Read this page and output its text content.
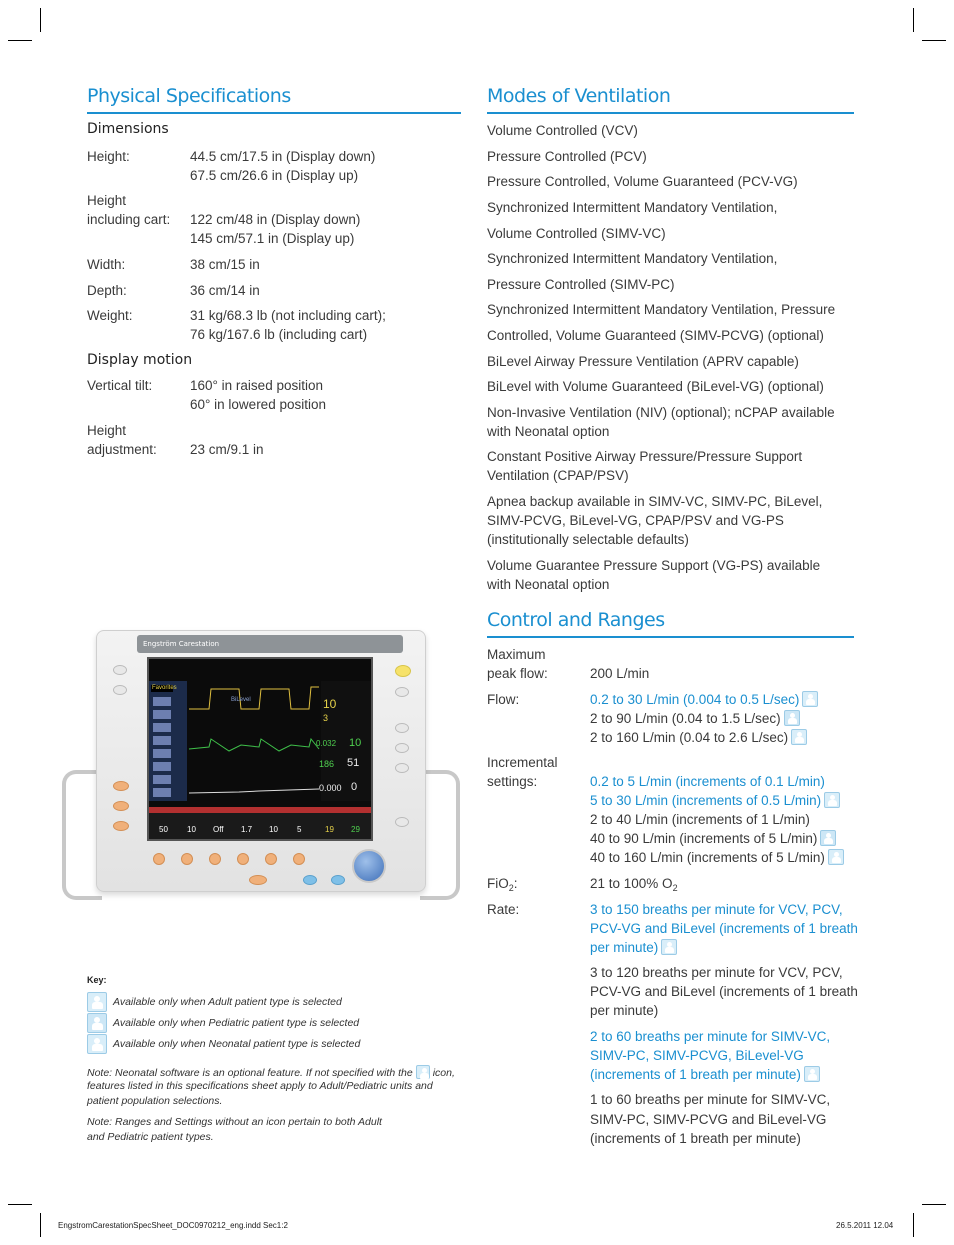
Physical Specifications
Dimensions
Height:	44.5 cm/17.5 in (Display down)
67.5 cm/26.6 in (Display up)
Height
including cart: 122 cm/48 in (Display down)
145 cm/57.1 in (Display up)
Width:	38 cm/15 in
Depth:	36 cm/14 in
Weight:	31 kg/68.3 lb (not including cart);
76 kg/167.6 lb (including cart)
Display motion
Vertical tilt:	160° in raised position
60° in lowered position
Height
adjustment: 23 cm/9.1 in
Modes of Ventilation
Volume Controlled (VCV)
Pressure Controlled (PCV)
Pressure Controlled, Volume Guaranteed (PCV-VG)
Synchronized Intermittent Mandatory Ventilation,
Volume Controlled (SIMV-VC)
Synchronized Intermittent Mandatory Ventilation,
Pressure Controlled (SIMV-PC)
Synchronized Intermittent Mandatory Ventilation, Pressure
Controlled, Volume Guaranteed (SIMV-PCVG) (optional)
BiLevel Airway Pressure Ventilation (APRV capable)
BiLevel with Volume Guaranteed (BiLevel-VG) (optional)
Non-Invasive Ventilation (NIV) (optional); nCPAP available
with Neonatal option
Constant Positive Airway Pressure/Pressure Support
Ventilation (CPAP/PSV)
Apnea backup available in SIMV-VC, SIMV-PC, BiLevel,
SIMV-PCVG, BiLevel-VG, CPAP/PSV and VG-PS
(institutionally selectable defaults)
Volume Guarantee Pressure Support (VG-PS) available
with Neonatal option
Control and Ranges
Maximum
peak flow:	200 L/min
Flow:	0.2 to 30 L/min (0.004 to 0.5 L/sec)
2 to 90 L/min (0.04 to 1.5 L/sec)
2 to 160 L/min (0.04 to 2.6 L/sec)
Incremental
settings:	0.2 to 5 L/min (increments of 0.1 L/min)
5 to 30 L/min (increments of 0.5 L/min)
2 to 40 L/min (increments of 1 L/min)
40 to 90 L/min (increments of 5 L/min)
40 to 160 L/min (increments of 5 L/min)
FiO$_2$:	21 to 100% $O_2$
Rate:	3 to 150 breaths per minute for VCV, PCV,
PCV-VG and BiLevel (increments of 1 breath
per minute)
3 to 120 breaths per minute for VCV, PCV,
PCV-VG and BiLevel (increments of 1 breath
per minute)
2 to 60 breaths per minute for SIMV-VC,
SIMV-PC, SIMV-PCVG, BiLevel-VG
(increments of 1 breath per minute)
1 to 60 breaths per minute for SIMV-VC,
SIMV-PC, SIMV-PCVG and BiLevel-VG
(increments of 1 breath per minute)
Engström Carestation
BiLevel
Favorites
10
3
0.032 10
186 51
0.000 0
50 10 Off 1.7 10 5	19 29
Key:
Available only when Adult patient type is selected
Available only when Pediatric patient type is selected
Available only when Neonatal patient type is selected
Note: Neonatal software is an optional feature. If not specified with the icon,
features listed in this specifications sheet apply to Adult/Pediatric units and
patient population selections.
Note: Ranges and Settings without an icon pertain to both Adult
and Pediatric patient types.
EngstromCarestationSpecSheet_DOC0970212_eng.indd Sec1:2	26.5.2011 12.04
